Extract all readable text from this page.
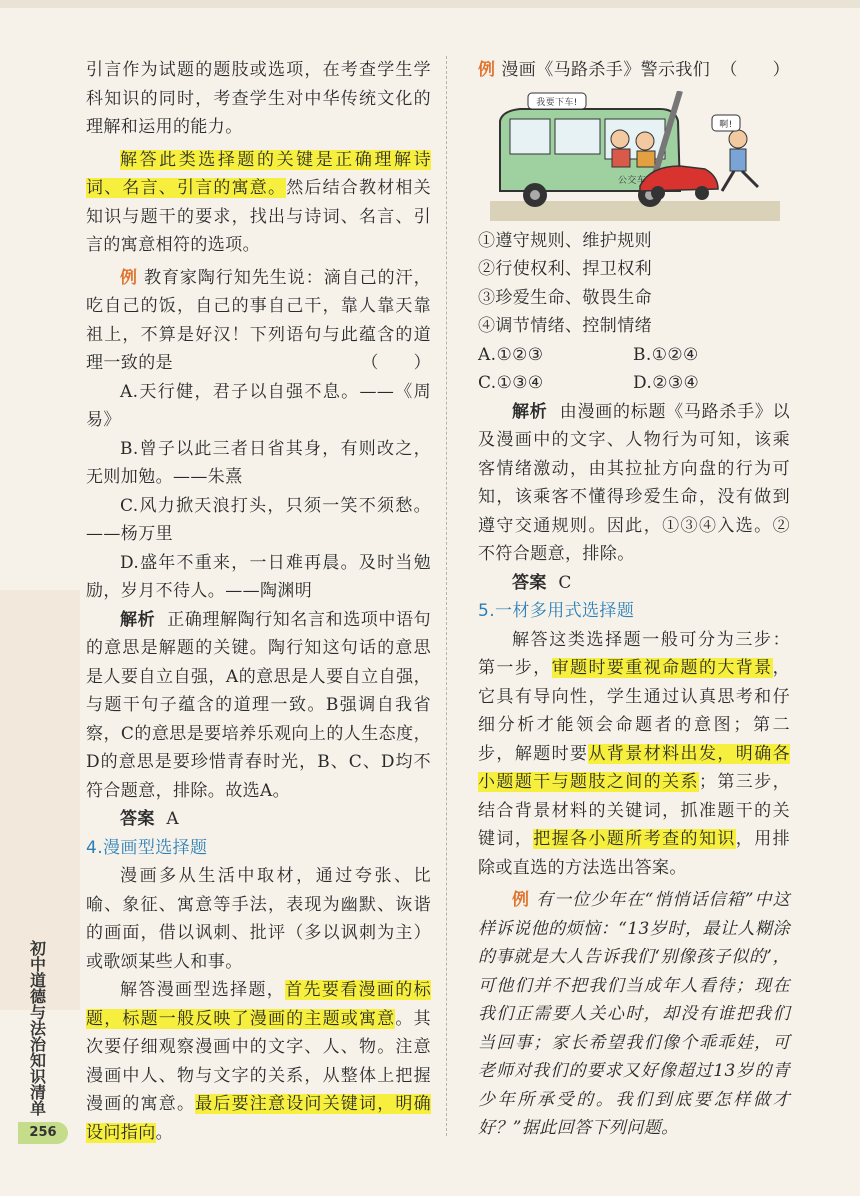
引言作为试题的题肢或选项，在考查学生学科知识的同时，考查学生对中华传统文化的理解和运用的能力。

解答此类选择题的关键是正确理解诗词、名言、引言的寓意。然后结合教材相关知识与题干的要求，找出与诗词、名言、引言的寓意相符的选项。

例 教育家陶行知先生说：滴自己的汗，吃自己的饭，自己的事自己干，靠人靠天靠祖上，不算是好汉！下列语句与此蕴含的道理一致的是	（　　）

A.天行健，君子以自强不息。——《周易》

B.曾子以此三者日省其身，有则改之，无则加勉。——朱熹

C.风力掀天浪打头，只须一笑不须愁。——杨万里

D.盛年不重来，一日难再晨。及时当勉励，岁月不待人。——陶渊明

解析 正确理解陶行知名言和选项中语句的意思是解题的关键。陶行知这句话的意思是人要自立自强，A的意思是人要自立自强，与题干句子蕴含的道理一致。B强调自我省察，C的意思是要培养乐观向上的人生态度，D的意思是要珍惜青春时光，B、C、D均不符合题意，排除。故选A。

答案 A

4.漫画型选择题

漫画多从生活中取材，通过夸张、比喻、象征、寓意等手法，表现为幽默、诙谐的画面，借以讽刺、批评（多以讽刺为主）或歌颂某些人和事。

解答漫画型选择题，首先要看漫画的标题，标题一般反映了漫画的主题或寓意。其次要仔细观察漫画中的文字、人、物。注意漫画中人、物与文字的关系，从整体上把握漫画的寓意。最后要注意设问关键词，明确设问指向。

例 漫画《马路杀手》警示我们 （　　）

我要下车!
啊!
公交车

①遵守规则、维护规则

②行使权利、捍卫权利

③珍爱生命、敬畏生命

④调节情绪、控制情绪

A.①②③	B.①②④
C.①③④	D.②③④

解析 由漫画的标题《马路杀手》以及漫画中的文字、人物行为可知，该乘客情绪激动，由其拉扯方向盘的行为可知，该乘客不懂得珍爱生命，没有做到遵守交通规则。因此，①③④入选。②不符合题意，排除。

答案 C

5.一材多用式选择题

解答这类选择题一般可分为三步：第一步，审题时要重视命题的大背景，它具有导向性，学生通过认真思考和仔细分析才能领会命题者的意图；第二步，解题时要从背景材料出发，明确各小题题干与题肢之间的关系；第三步，结合背景材料的关键词，抓准题干的关键词，把握各小题所考查的知识，用排除或直选的方法选出答案。

例 有一位少年在“悄悄话信箱”中这样诉说他的烦恼：“13岁时，最让人糊涂的事就是大人告诉我们‘别像孩子似的’，可他们并不把我们当成年人看待；现在我们正需要人关心时，却没有谁把我们当回事；家长希望我们像个乖乖娃，可老师对我们的要求又好像超过13岁的青少年所承受的。我们到底要怎样做才好？”据此回答下列问题。

初中道德与法治知识清单
256
